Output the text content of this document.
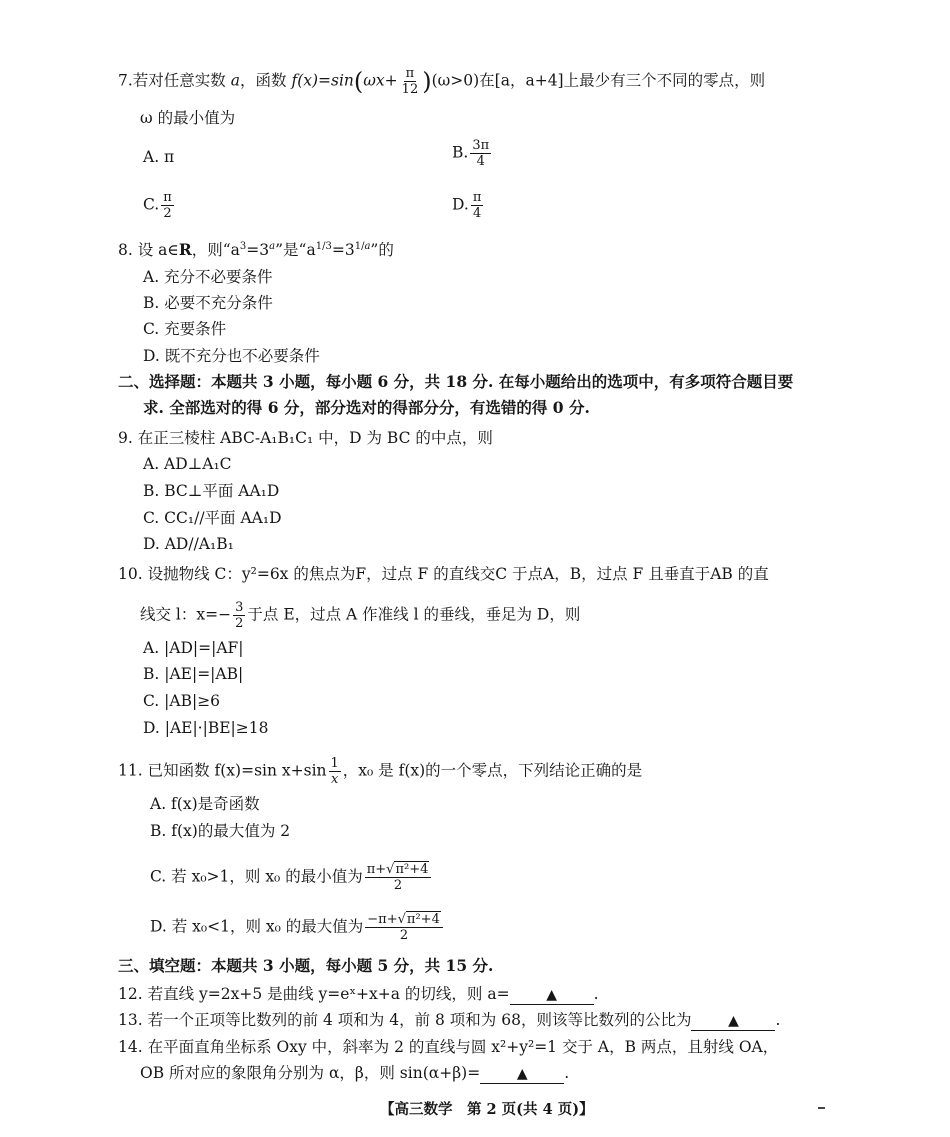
7.若对任意实数 a，函数 $f(x)=\sin(\omega x+ \frac{\pi}{12} )(\omega>0)$在[a，a+4]上最少有三个不同的零点，则
ω 的最小值为
A. π	B. $\frac{3\pi}{4}$
C. $\frac{\pi}{2}$	D. $\frac{\pi}{4}$
8. 设 a∈R，则“$a^3=3^a$”是“$a^{1/3}=3^{1/a}$”的
A. 充分不必要条件
B. 必要不充分条件
C. 充要条件
D. 既不充分也不必要条件
二、选择题：本题共 3 小题，每小题 6 分，共 18 分. 在每小题给出的选项中，有多项符合题目要
求. 全部选对的得 6 分，部分选对的得部分分，有选错的得 0 分.
9. 在正三棱柱 ABC-A₁B₁C₁ 中，D 为 BC 的中点，则
A. AD⊥A₁C
B. BC⊥平面 AA₁D
C. CC₁//平面 AA₁D
D. AD//A₁B₁
10. 设抛物线 C：y²=6x 的焦点为F，过点 F 的直线交C 于点A，B，过点 F 且垂直于AB 的直
线交 l：$x=- \frac{3}{2}$ 于点 E，过点 A 作准线 l 的垂线，垂足为 D，则
A. |AD|=|AF|
B. |AE|=|AB|
C. |AB|≥6
D. |AE|·|BE|≥18
11. 已知函数 f(x)=sin $x+\sin \frac{1}{x}$ ，x₀ 是 f(x)的一个零点，下列结论正确的是
A. f(x)是奇函数
B. f(x)的最大值为 2
C. 若 x₀>1，则 x₀ 的最小值为 $\frac{\text{π+√π²+4}}{2}$
D. 若 x₀<1，则 x₀ 的最大值为 $\frac{\text{−π+√π²+4}}{2}$
三、填空题：本题共 3 小题，每小题 5 分，共 15 分.
12. 若直线 y=2x+5 是曲线 y=eˣ+x+a 的切线，则 a=	▲ .
13. 若一个正项等比数列的前 4 项和为 4，前 8 项和为 68，则该等比数列的公比为	▲ .
14. 在平面直角坐标系 Oxy 中，斜率为 2 的直线与圆 x²+y²=1 交于 A，B 两点，且射线 OA，
OB 所对应的象限角分别为 α，β，则 sin(α+β)=	▲ .
【高三数学　第 2 页(共 4 页)】
